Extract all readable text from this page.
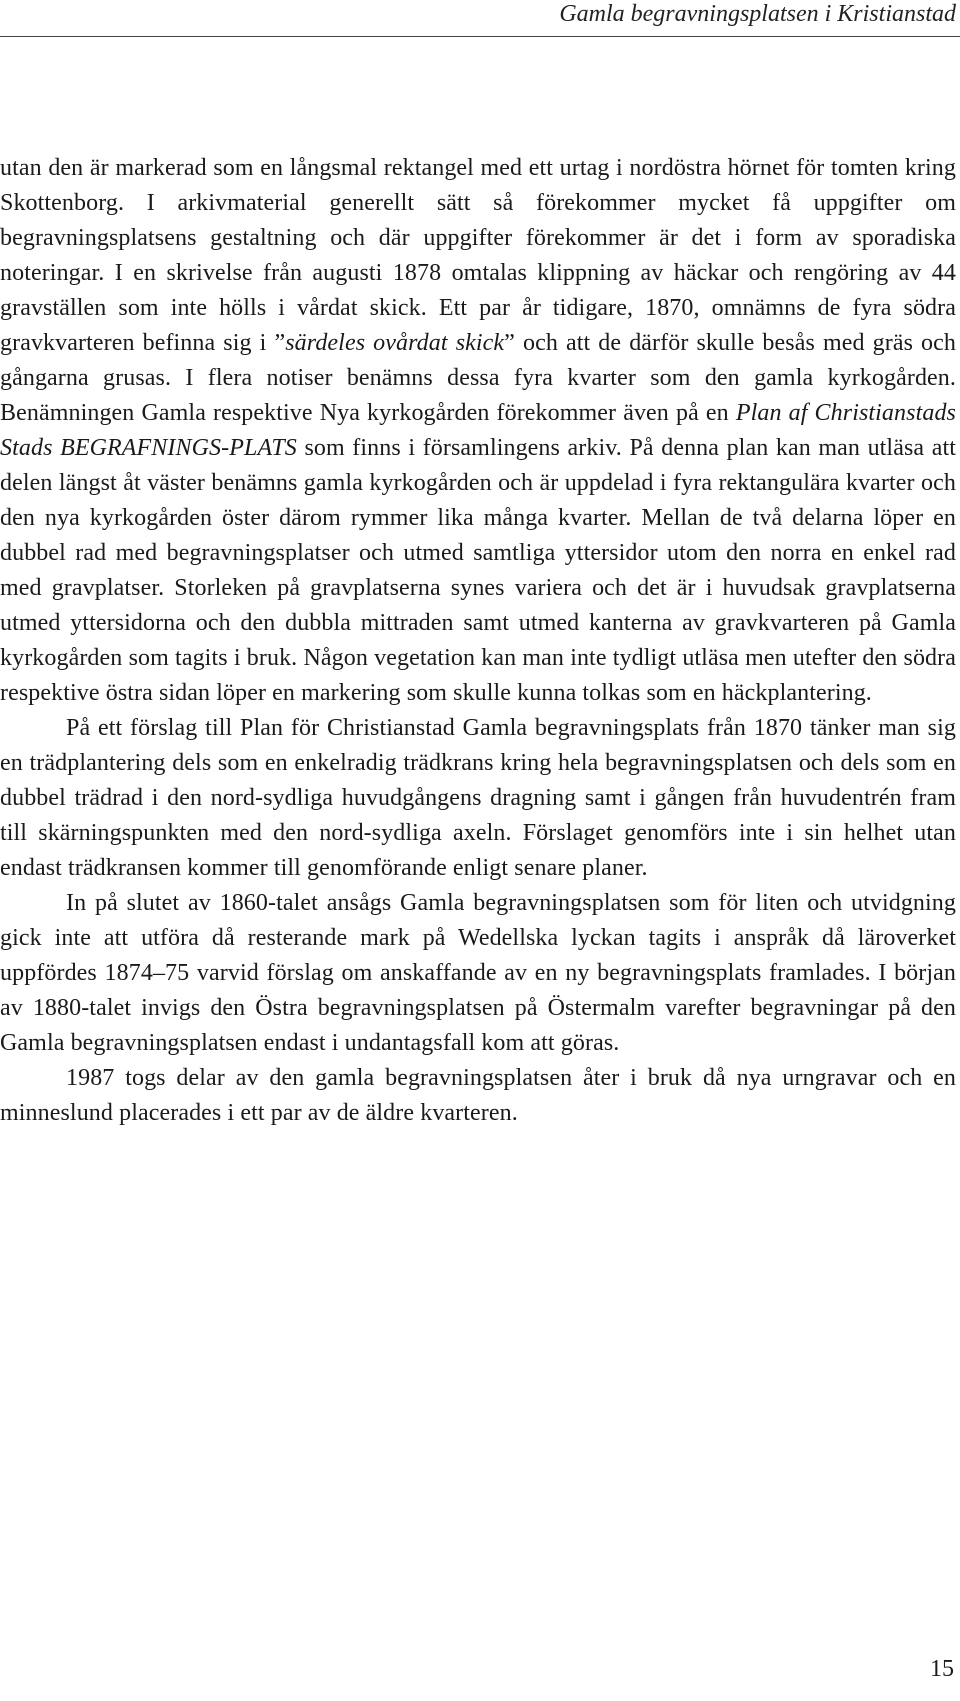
Gamla begravningsplatsen i Kristianstad

utan den är markerad som en långsmal rektangel med ett urtag i nordöstra hörnet för tomten kring Skottenborg. I arkivmaterial generellt sätt så förekommer mycket få uppgifter om begravningsplatsens gestaltning och där uppgifter förekommer är det i form av sporadiska noteringar. I en skrivelse från augusti 1878 omtalas klippning av häckar och rengöring av 44 gravställen som inte hölls i vårdat skick. Ett par år tidigare, 1870, omnämns de fyra södra gravkvarteren befinna sig i ”särdeles ovårdat skick” och att de därför skulle besås med gräs och gångarna grusas. I flera notiser benämns dessa fyra kvarter som den gamla kyrkogården. Benämningen Gamla respektive Nya kyrkogården förekommer även på en Plan af Christianstads Stads BEGRAFNINGS-PLATS som finns i församlingens arkiv. På denna plan kan man utläsa att delen längst åt väster benämns gamla kyrkogården och är uppdelad i fyra rektangulära kvarter och den nya kyrkogården öster därom rymmer lika många kvarter. Mellan de två delarna löper en dubbel rad med begravningsplatser och utmed samtliga yttersidor utom den norra en enkel rad med gravplatser. Storleken på gravplatserna synes variera och det är i huvudsak gravplatserna utmed yttersidorna och den dubbla mittraden samt utmed kanterna av gravkvarteren på Gamla kyrkogården som tagits i bruk. Någon vegetation kan man inte tydligt utläsa men utefter den södra respektive östra sidan löper en markering som skulle kunna tolkas som en häckplantering.

På ett förslag till Plan för Christianstad Gamla begravningsplats från 1870 tänker man sig en trädplantering dels som en enkelradig trädkrans kring hela begravningsplatsen och dels som en dubbel trädrad i den nord-sydliga huvudgångens dragning samt i gången från huvudentrén fram till skärningspunkten med den nord-sydliga axeln. Förslaget genomförs inte i sin helhet utan endast trädkransen kommer till genomförande enligt senare planer.

In på slutet av 1860-talet ansågs Gamla begravningsplatsen som för liten och utvidgning gick inte att utföra då resterande mark på Wedellska lyckan tagits i anspråk då läroverket uppfördes 1874–75 varvid förslag om anskaffande av en ny begravningsplats framlades. I början av 1880-talet invigs den Östra begravningsplatsen på Östermalm varefter begravningar på den Gamla begravningsplatsen endast i undantagsfall kom att göras.

1987 togs delar av den gamla begravningsplatsen åter i bruk då nya urngravar och en minneslund placerades i ett par av de äldre kvarteren.

15
